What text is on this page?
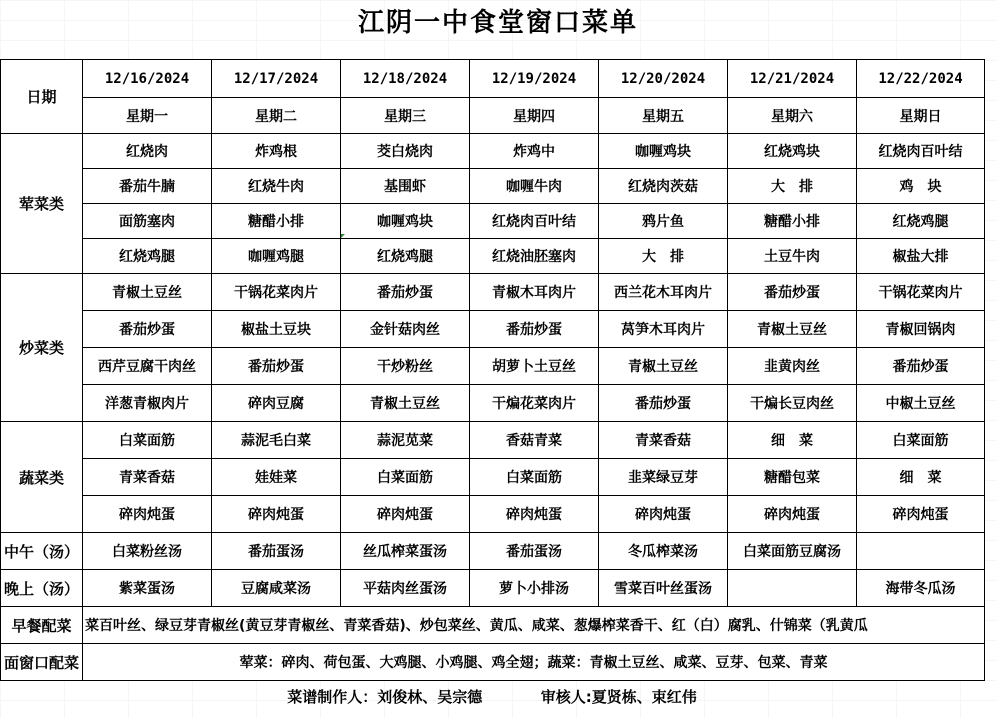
江阴一中食堂窗口菜单
日期	12/16/2024	12/17/2024	12/18/2024	12/19/2024	12/20/2024	12/21/2024	12/22/2024
	星期一	星期二	星期三	星期四	星期五	星期六	星期日
荤菜类	红烧肉	炸鸡根	茭白烧肉	炸鸡中	咖喱鸡块	红烧鸡块	红烧肉百叶结
	番茄牛腩	红烧牛肉	基围虾	咖喱牛肉	红烧肉茨菇	大　排	鸡　块
	面筋塞肉	糖醋小排	咖喱鸡块	红烧肉百叶结	鸦片鱼	糖醋小排	红烧鸡腿
	红烧鸡腿	咖喱鸡腿	红烧鸡腿	红烧油胚塞肉	大　排	土豆牛肉	椒盐大排
炒菜类	青椒土豆丝	干锅花菜肉片	番茄炒蛋	青椒木耳肉片	西兰花木耳肉片	番茄炒蛋	干锅花菜肉片
	番茄炒蛋	椒盐土豆块	金针菇肉丝	番茄炒蛋	莴笋木耳肉片	青椒土豆丝	青椒回锅肉
	西芹豆腐干肉丝	番茄炒蛋	干炒粉丝	胡萝卜土豆丝	青椒土豆丝	韭黄肉丝	番茄炒蛋
	洋葱青椒肉片	碎肉豆腐	青椒土豆丝	干煸花菜肉片	番茄炒蛋	干煸长豆肉丝	中椒土豆丝
蔬菜类	白菜面筋	蒜泥毛白菜	蒜泥苋菜	香菇青菜	青菜香菇	细　菜	白菜面筋
	青菜香菇	娃娃菜	白菜面筋	白菜面筋	韭菜绿豆芽	糖醋包菜	细　菜
	碎肉炖蛋	碎肉炖蛋	碎肉炖蛋	碎肉炖蛋	碎肉炖蛋	碎肉炖蛋	碎肉炖蛋
中午（汤）	白菜粉丝汤	番茄蛋汤	丝瓜榨菜蛋汤	番茄蛋汤	冬瓜榨菜汤	白菜面筋豆腐汤	
晚上（汤）	紫菜蛋汤	豆腐咸菜汤	平菇肉丝蛋汤	萝卜小排汤	雪菜百叶丝蛋汤		海带冬瓜汤
早餐配菜	菜百叶丝、绿豆芽青椒丝(黄豆芽青椒丝、青菜香菇)、炒包菜丝、黄瓜、咸菜、葱爆榨菜香干、红（白）腐乳、什锦菜（乳黄瓜						

面窗口配菜	荤菜：碎肉、荷包蛋、大鸡腿、小鸡腿、鸡全翅；蔬菜：青椒土豆丝、咸菜、豆芽、包菜、青菜						
菜谱制作人：刘俊林、吴宗德	审核人:夏贤栋、束红伟
